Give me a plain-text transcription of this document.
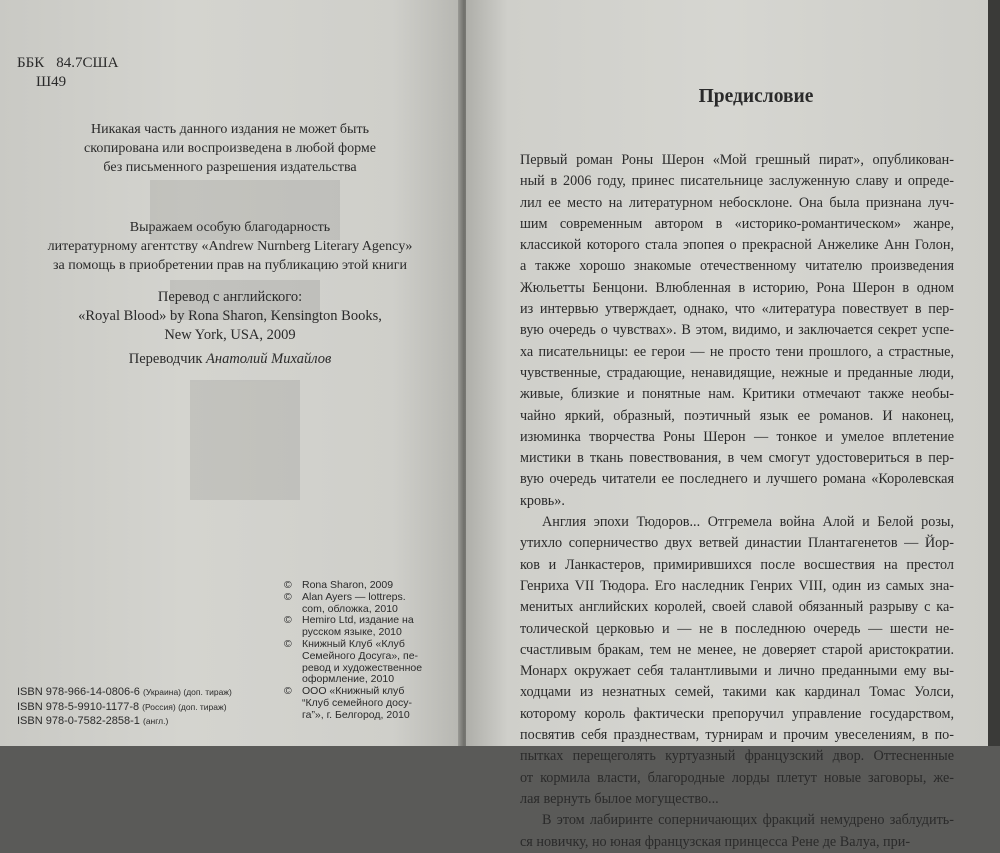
ББК 84.7США
Ш49
Никакая часть данного издания не может быть
скопирована или воспроизведена в любой форме
без письменного разрешения издательства
Выражаем особую благодарность
литературному агентству «Andrew Nurnberg Literary Agency»
за помощь в приобретении прав на публикацию этой книги
Перевод с английского:
«Royal Blood» by Rona Sharon, Kensington Books,
New York, USA, 2009
Переводчик Анатолий Михайлов
© Rona Sharon, 2009
© Alan Ayers — lottreps.
com, обложка, 2010
© Hemiro Ltd, издание на
русском языке, 2010
© Книжный Клуб «Клуб
Семейного Досуга», пе-
ревод и художественное
оформление, 2010
© ООО «Книжный клуб
“Клуб семейного досу-
га”», г. Белгород, 2010
ISBN 978-966-14-0806-6 (Украина) (доп. тираж)
ISBN 978-5-9910-1177-8 (Россия) (доп. тираж)
ISBN 978-0-7582-2858-1 (англ.)
Предисловие
Первый роман Роны Шерон «Мой грешный пират», опубликован-
ный в 2006 году, принес писательнице заслуженную славу и опреде-
лил ее место на литературном небосклоне. Она была признана луч-
шим современным автором в «историко-романтическом» жанре,
классикой которого стала эпопея о прекрасной Анжелике Анн Голон,
а также хорошо знакомые отечественному читателю произведения
Жюльетты Бенцони. Влюбленная в историю, Рона Шерон в одном
из интервью утверждает, однако, что «литература повествует в пер-
вую очередь о чувствах». В этом, видимо, и заключается секрет успе-
ха писательницы: ее герои — не просто тени прошлого, а страстные,
чувственные, страдающие, ненавидящие, нежные и преданные люди,
живые, близкие и понятные нам. Критики отмечают также необы-
чайно яркий, образный, поэтичный язык ее романов. И наконец,
изюминка творчества Роны Шерон — тонкое и умелое вплетение
мистики в ткань повествования, в чем смогут удостовериться в пер-
вую очередь читатели ее последнего и лучшего романа «Королевская
кровь».
Англия эпохи Тюдоров... Отгремела война Алой и Белой розы,
утихло соперничество двух ветвей династии Плантагенетов — Йор-
ков и Ланкастеров, примирившихся после восшествия на престол
Генриха VII Тюдора. Его наследник Генрих VIII, один из самых зна-
менитых английских королей, своей славой обязанный разрыву с ка-
толической церковью и — не в последнюю очередь — шести не-
счастливым бракам, тем не менее, не доверяет старой аристократии.
Монарх окружает себя талантливыми и лично преданными ему вы-
ходцами из незнатных семей, такими как кардинал Томас Уолси,
которому король фактически препоручил управление государством,
посвятив себя празднествам, турнирам и прочим увеселениям, в по-
пытках перещеголять куртуазный французский двор. Оттесненные
от кормила власти, благородные лорды плетут новые заговоры, же-
лая вернуть былое могущество...
В этом лабиринте соперничающих фракций немудрено заблудить-
ся новичку, но юная французская принцесса Рене де Валуа, при-
